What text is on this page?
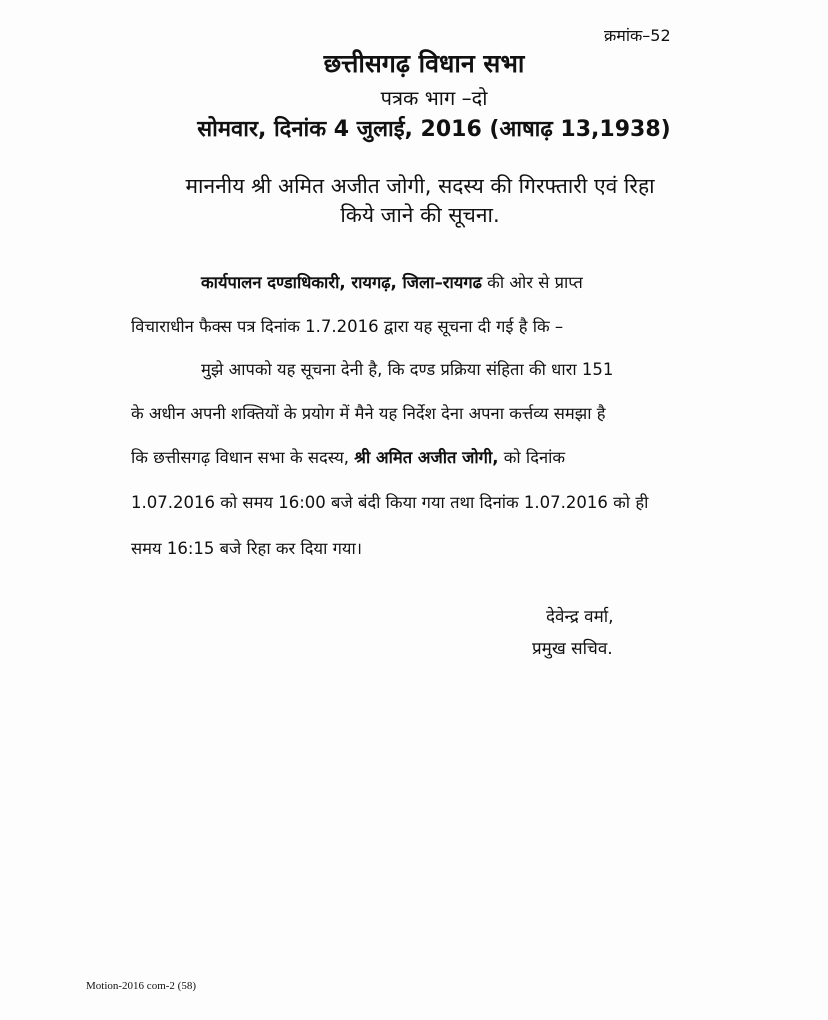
क्रमांक–52
छत्तीसगढ़ विधान सभा
पत्रक भाग –दो
सोमवार, दिनांक 4 जुलाई, 2016 (आषाढ़ 13,1938)
माननीय श्री अमित अजीत जोगी, सदस्य की गिरफ्तारी एवं रिहा
किये जाने की सूचना.
कार्यपालन दण्डाधिकारी, रायगढ़, जिला–रायगढ की ओर से प्राप्त
विचाराधीन फैक्स पत्र दिनांक 1.7.2016 द्वारा यह सूचना दी गई है कि –
मुझे आपको यह सूचना देनी है, कि दण्ड प्रक्रिया संहिता की धारा 151
के अधीन अपनी शक्तियों के प्रयोग में मैने यह निर्देश देना अपना कर्त्तव्य समझा है
कि छत्तीसगढ़ विधान सभा के सदस्य, श्री अमित अजीत जोगी, को दिनांक
1.07.2016 को समय 16:00 बजे बंदी किया गया तथा दिनांक 1.07.2016 को ही
समय 16:15 बजे रिहा कर दिया गया।
देवेन्द्र वर्मा,
प्रमुख सचिव.
Motion-2016 com-2 (58)
